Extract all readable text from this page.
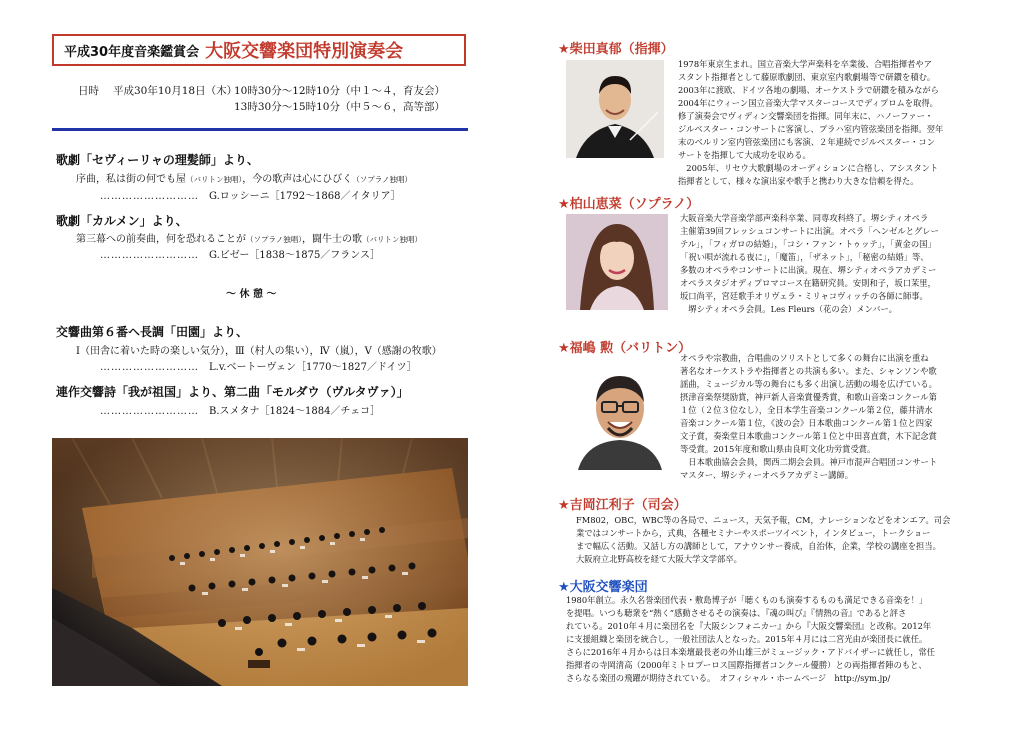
平成30年度音楽鑑賞会 大阪交響楽団特別演奏会
日時 平成30年10月18日（木）
10時30分～12時10分（中１～４，育友会）
13時30分～15時10分（中５～６，高等部）
歌劇「セヴィーリャの理髪師」より、
序曲，私は街の何でも屋（バリトン独唱），今の歌声は心にひびく（ソプラノ独唱）
………………………　 G.ロッシーニ［1792～1868／イタリア］
歌劇「カルメン」より、
第三幕への前奏曲，何を恐れることが（ソプラノ独唱），闘牛士の歌（バリトン独唱）
………………………　 G.ビゼー［1838～1875／フランス］
～ 休 憩 ～
交響曲第６番ヘ長調「田園」より、
Ⅰ（田舎に着いた時の楽しい気分），Ⅲ（村人の集い），Ⅳ（嵐），Ⅴ（感謝の牧歌）
………………………　 L.v.ベートーヴェン［1770～1827／ドイツ］
連作交響詩「我が祖国」より、第二曲「モルダウ（ヴルタヴァ）」
………………………　 B.スメタナ［1824～1884／チェコ］
★柴田真郁（指揮）
1978年東京生まれ。国立音楽大学声楽科を卒業後、合唱指揮者やア
スタント指揮者として藤原歌劇団、東京室内歌劇場等で研鑽を積む。
2003年に渡欧、ドイツ各地の劇場、オーケストラで研鑽を積みながら
2004年にウィーン国立音楽大学マスターコースでディプロムを取得。
修了演奏会でヴィディン交響楽団を指揮。同年末に、ハノーファー・
ジルベスター・コンサートに客演し、プラハ室内管弦楽団を指揮。翌年
末のベルリン室内管弦楽団にも客演、２年連続でジルベスター・コン
サートを指揮して大成功を収める。
　2005年、リセウ大歌劇場のオーディションに合格し、アシスタント
指揮者として、様々な演出家や歌手と携わり大きな信頼を得た。
★柏山恵菜（ソプラノ）
大阪音楽大学音楽学部声楽科卒業、同専攻科終了。堺シティオペラ
主催第39回フレッシュコンサートに出演。オペラ「ヘンゼルとグレー
テル」，「フィガロの結婚」，「コシ・ファン・トゥッテ」，「黄金の国」
「祝い唄が流れる夜に」，「魔笛」，「ザネット」，「秘密の結婚」等、
多数のオペラやコンサートに出演。現在、堺シティオペラアカデミー
オペラスタジオディプロマコース在籍研究員。安則和子，坂口茉里，
坂口尚平，宮廷歌手オリヴェラ・ミリャコヴィッチの各師に師事。
　堺シティオペラ会員。Les Fleurs（花の会）メンバー。
★福嶋 勲（バリトン）
オペラや宗教曲，合唱曲のソリストとして多くの舞台に出演を重ね
著名なオーケストラや指揮者との共演も多い。また、シャンソンや歌
謡曲，ミュージカル等の舞台にも多く出演し活動の場を広げている。
摂津音楽祭奨励賞，神戸新人音楽賞優秀賞，和歌山音楽コンクール第
１位（２位３位なし），全日本学生音楽コンクール第２位，藤井清水
音楽コンクール第１位，《波の会》日本歌曲コンクール第１位と四家
文子賞，奏楽堂日本歌曲コンクール第１位と中田喜直賞，木下記念賞
等受賞。2015年度和歌山県由良町文化功労賞受賞。
　日本歌曲協会会員，関西二期会会員。神戸市混声合唱団コンサート
マスター、堺シティーオペラアカデミー講師。
★吉岡江利子（司会）
FM802，OBC，WBC等の各局で、ニュース，天気予報，CM，ナレーションなどをオンエア。司会
業ではコンサートから，式典，各種セミナーやスポーツイベント，インタビュー，トークショー
まで幅広く活動。又話し方の講師として，アナウンサー養成，自治体，企業，学校の講座を担当。
大阪府立北野高校を経て大阪大学文学部卒。
★大阪交響楽団
1980年創立。永久名誉楽団代表・敷島博子が「聴くものも演奏するものも満足できる音楽を！」
を提唱。いつも聴衆を“熱く”感動させるその演奏は、『魂の叫び』『情熱の音』であると評さ
れている。2010年４月に楽団名を『大阪シンフォニカー』から『大阪交響楽団』と改称。2012年
に支援組織と楽団を統合し，一般社団法人となった。2015年４月には二宮光由が楽団長に就任。
さらに2016年４月からは日本楽壇最長老の外山雄三がミュージック・アドバイザーに就任し，常任
指揮者の寺岡清高（2000年ミトロプーロス国際指揮者コンクール優勝）との両指揮者陣のもと、
さらなる楽団の飛躍が期待されている。　オフィシャル・ホームページ　http://sym.jp/
